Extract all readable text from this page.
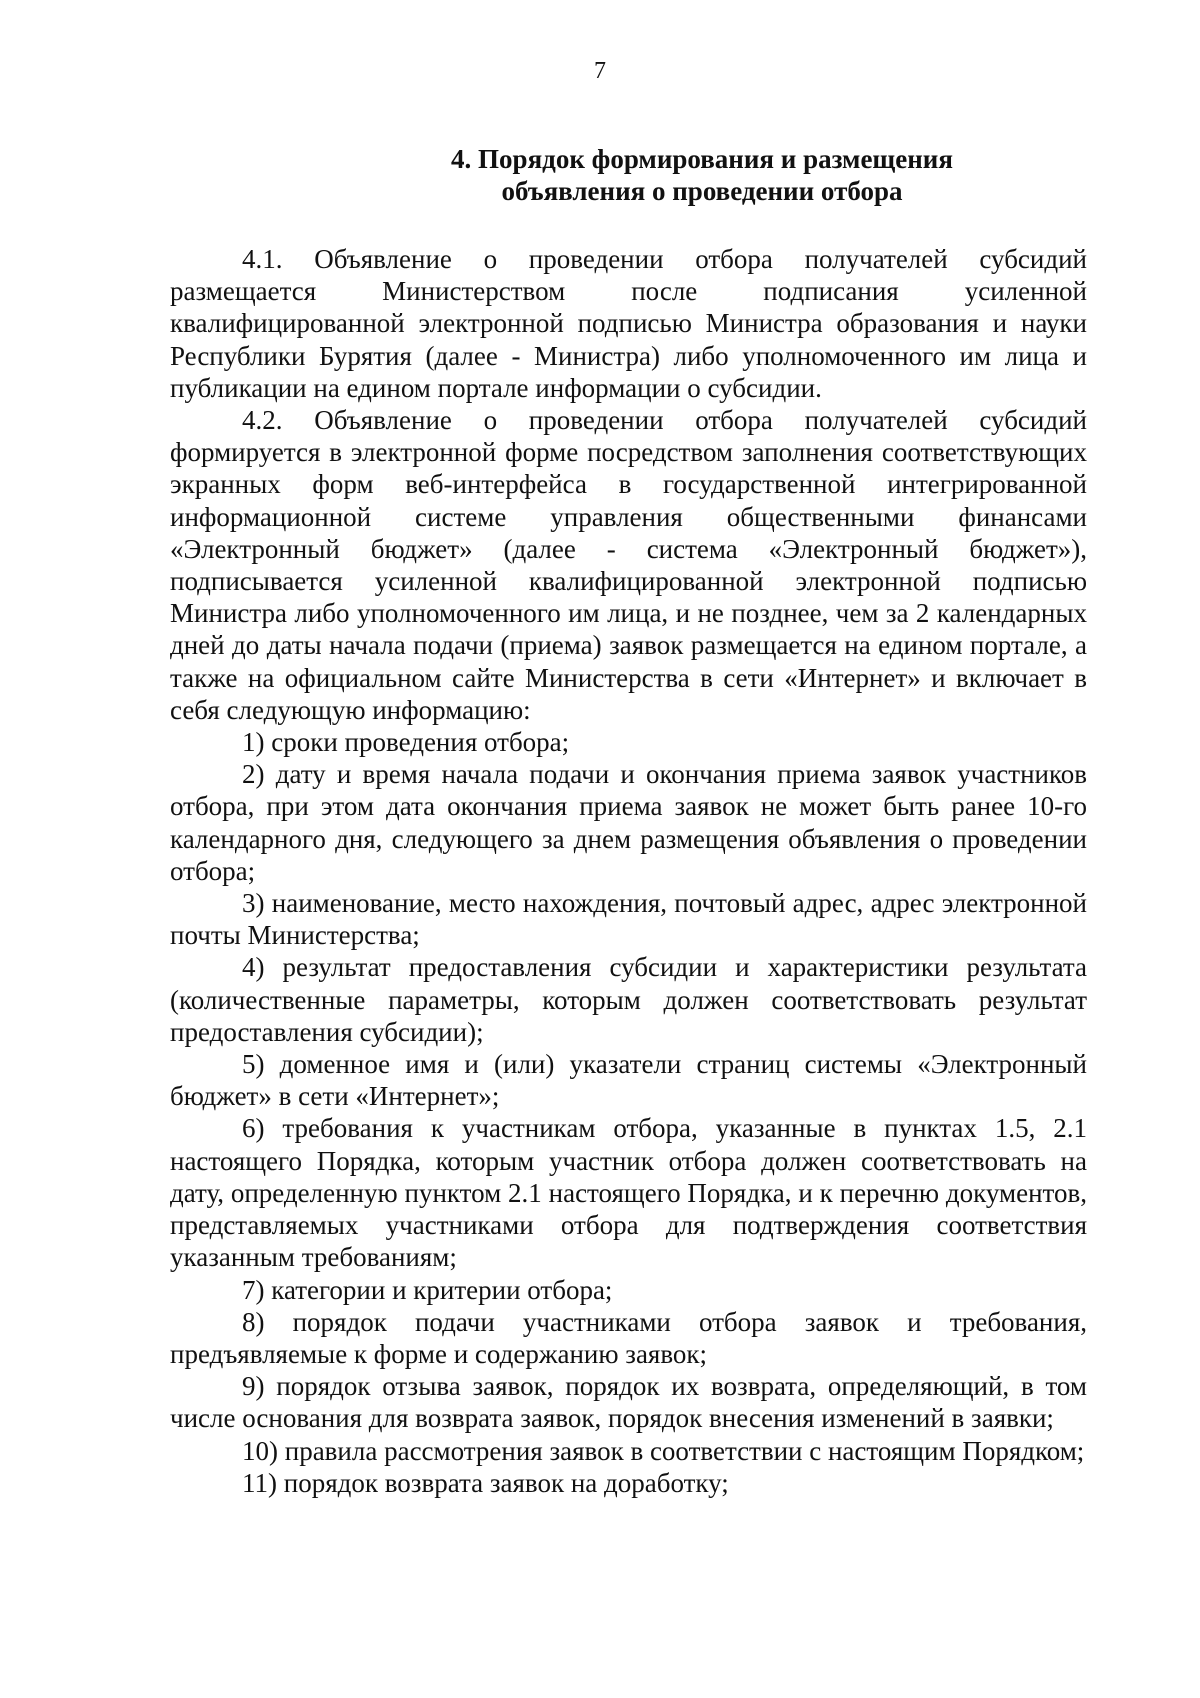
7
4. Порядок формирования и размещения
объявления о проведении отбора

4.1. Объявление о проведении отбора получателей субсидий размещается Министерством после подписания усиленной квалифицированной электронной подписью Министра образования и науки Республики Бурятия (далее - Министра) либо уполномоченного им лица и публикации на едином портале информации о субсидии.

4.2. Объявление о проведении отбора получателей субсидий формируется в электронной форме посредством заполнения соответствующих экранных форм веб-интерфейса в государственной интегрированной информационной системе управления общественными финансами «Электронный бюджет» (далее - система «Электронный бюджет»), подписывается усиленной квалифицированной электронной подписью Министра либо уполномоченного им лица, и не позднее, чем за 2 календарных дней до даты начала подачи (приема) заявок размещается на едином портале, а также на официальном сайте Министерства в сети «Интернет» и включает в себя следующую информацию:

1) сроки проведения отбора;

2) дату и время начала подачи и окончания приема заявок участников отбора, при этом дата окончания приема заявок не может быть ранее 10-го календарного дня, следующего за днем размещения объявления о проведении отбора;

3) наименование, место нахождения, почтовый адрес, адрес электронной почты Министерства;

4) результат предоставления субсидии и характеристики результата (количественные параметры, которым должен соответствовать результат предоставления субсидии);

5) доменное имя и (или) указатели страниц системы «Электронный бюджет» в сети «Интернет»;

6) требования к участникам отбора, указанные в пунктах 1.5, 2.1 настоящего Порядка, которым участник отбора должен соответствовать на дату, определенную пунктом 2.1 настоящего Порядка, и к перечню документов, представляемых участниками отбора для подтверждения соответствия указанным требованиям;

7) категории и критерии отбора;

8) порядок подачи участниками отбора заявок и требования, предъявляемые к форме и содержанию заявок;

9) порядок отзыва заявок, порядок их возврата, определяющий, в том числе основания для возврата заявок, порядок внесения изменений в заявки;

10) правила рассмотрения заявок в соответствии с настоящим Порядком;

11) порядок возврата заявок на доработку;
